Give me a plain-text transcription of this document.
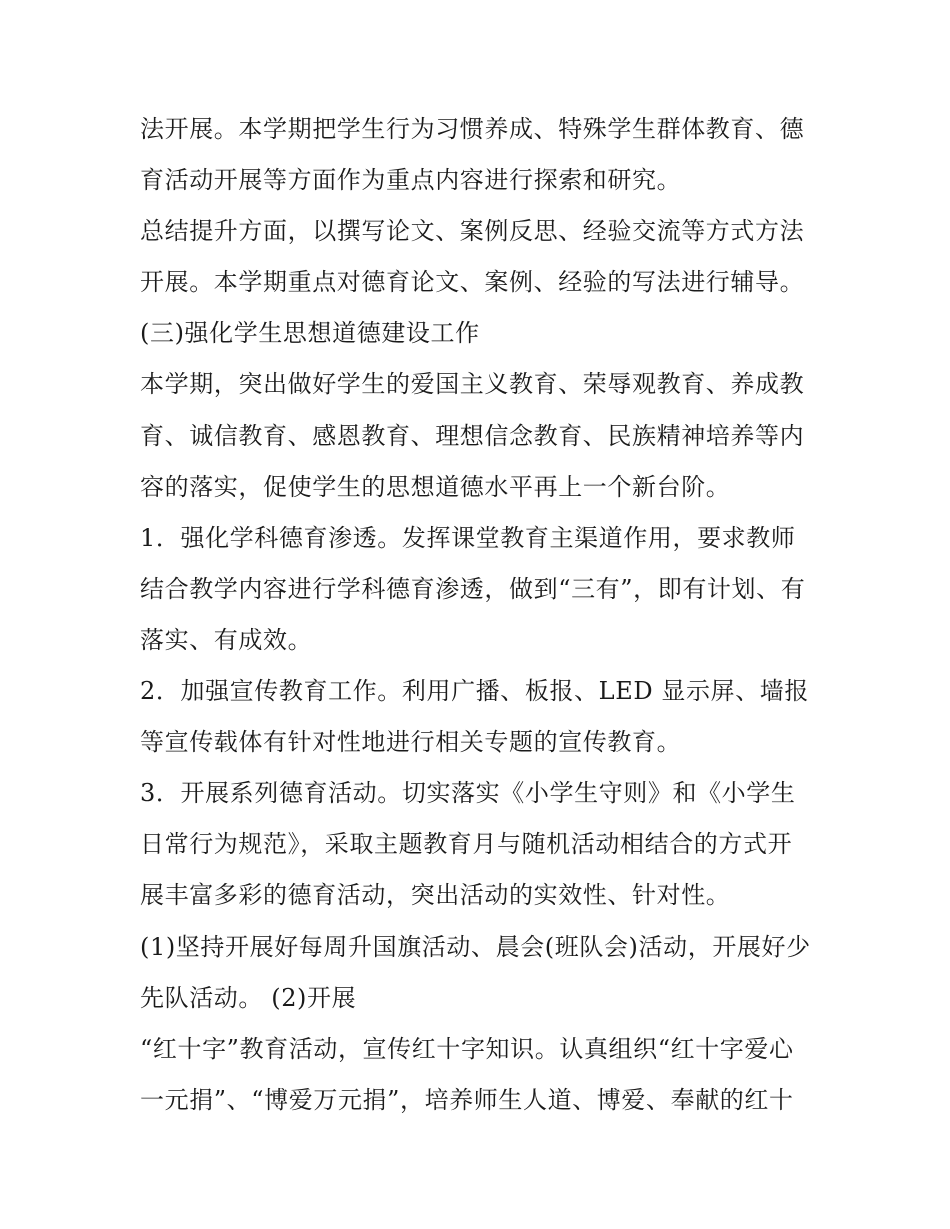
法开展。本学期把学生行为习惯养成、特殊学生群体教育、德
育活动开展等方面作为重点内容进行探索和研究。
总结提升方面，以撰写论文、案例反思、经验交流等方式方法
开展。本学期重点对德育论文、案例、经验的写法进行辅导。
(三)强化学生思想道德建设工作
本学期，突出做好学生的爱国主义教育、荣辱观教育、养成教
育、诚信教育、感恩教育、理想信念教育、民族精神培养等内
容的落实，促使学生的思想道德水平再上一个新台阶。
1．强化学科德育渗透。发挥课堂教育主渠道作用，要求教师
结合教学内容进行学科德育渗透，做到“三有”，即有计划、有
落实、有成效。
2．加强宣传教育工作。利用广播、板报、LED 显示屏、墙报
等宣传载体有针对性地进行相关专题的宣传教育。
3．开展系列德育活动。切实落实《小学生守则》和《小学生
日常行为规范》，采取主题教育月与随机活动相结合的方式开
展丰富多彩的德育活动，突出活动的实效性、针对性。
(1)坚持开展好每周升国旗活动、晨会(班队会)活动，开展好少
先队活动。 (2)开展
“红十字”教育活动，宣传红十字知识。认真组织“红十字爱心
一元捐”、“博爱万元捐”，培养师生人道、博爱、奉献的红十
